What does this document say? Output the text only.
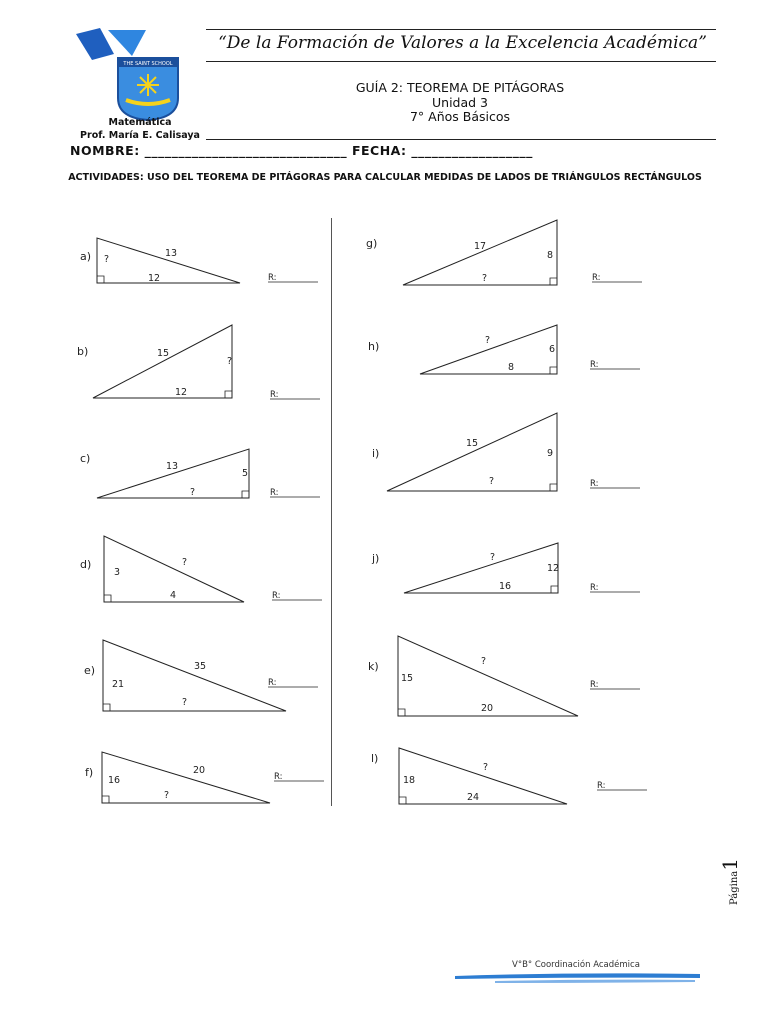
THE SAINT SCHOOL
“De la Formación de Valores a la Excelencia Académica”
GUÍA 2: TEOREMA DE PITÁGORAS
Unidad 3
7° Años Básicos
Matemática
Prof. María E. Calisaya
NOMBRE: ______________________________ FECHA: __________________
ACTIVIDADES: USO DEL TEOREMA DE PITÁGORAS PARA CALCULAR MEDIDAS DE LADOS DE TRIÁNGULOS RECTÁNGULOS
a)	13
?
12	R:
b)	15
?
12	R:
c)
13
5
?	R:
d)	?
3
4	R:
e)	35
21
?
R:
f)	20
16
?
R:
g)	17
8
?	R:
h)	?
6
8	R:
i)
15
9
?	R:
j)	?
12
16	R:
k)	?
15
20
R:
l)
?
18
24
R:
Página1
V°B° Coordinación Académica
